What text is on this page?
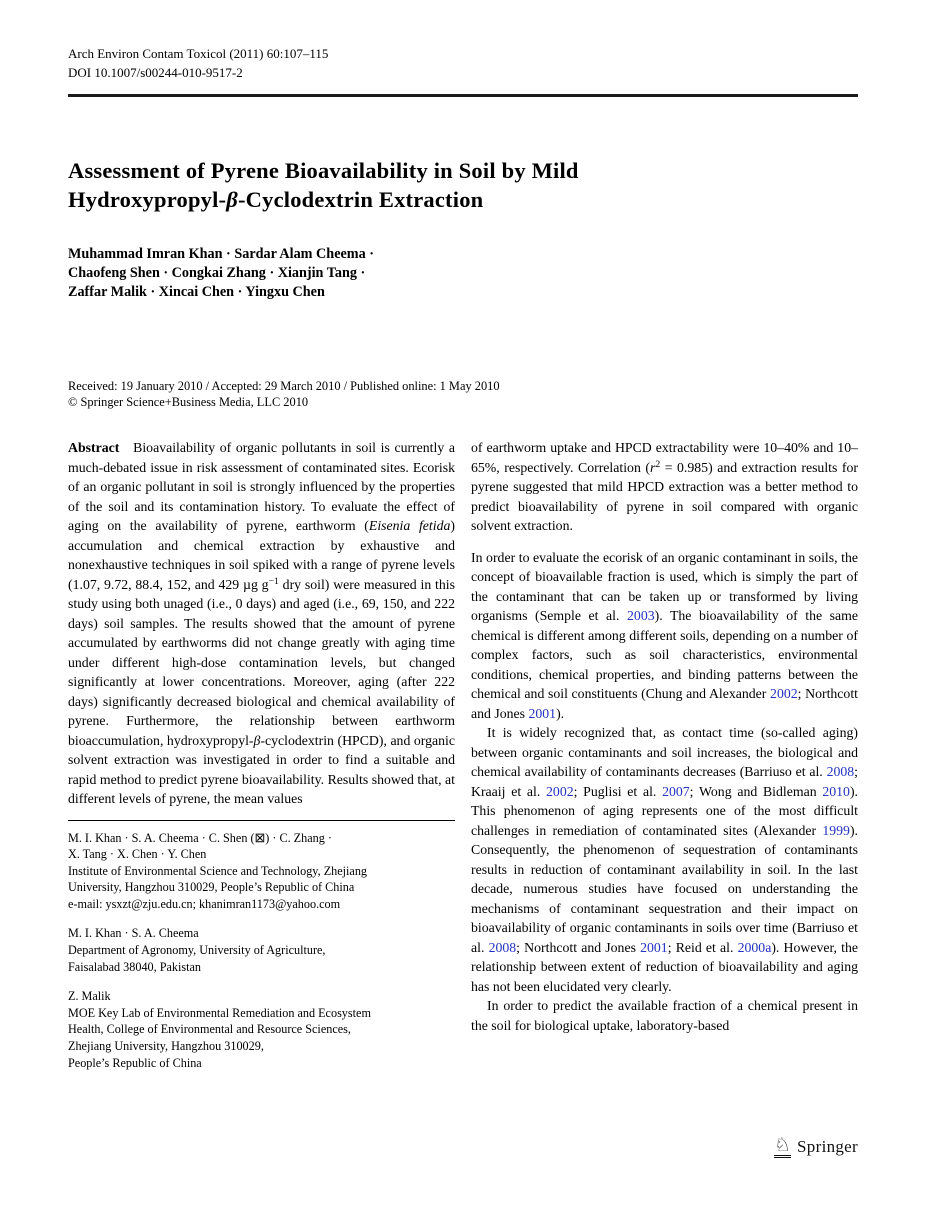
Arch Environ Contam Toxicol (2011) 60:107–115
DOI 10.1007/s00244-010-9517-2
Assessment of Pyrene Bioavailability in Soil by Mild
Hydroxypropyl-β-Cyclodextrin Extraction
Muhammad Imran Khan · Sardar Alam Cheema ·
Chaofeng Shen · Congkai Zhang · Xianjin Tang ·
Zaffar Malik · Xincai Chen · Yingxu Chen
Received: 19 January 2010 / Accepted: 29 March 2010 / Published online: 1 May 2010
© Springer Science+Business Media, LLC 2010

Abstract Bioavailability of organic pollutants in soil is currently a much-debated issue in risk assessment of contaminated sites. Ecorisk of an organic pollutant in soil is strongly influenced by the properties of the soil and its contamination history. To evaluate the effect of aging on the availability of pyrene, earthworm (Eisenia fetida) accumulation and chemical extraction by exhaustive and nonexhaustive techniques in soil spiked with a range of pyrene levels (1.07, 9.72, 88.4, 152, and 429 µg $g^{-1}$ dry soil) were measured in this study using both unaged (i.e., 0 days) and aged (i.e., 69, 150, and 222 days) soil samples. The results showed that the amount of pyrene accumulated by earthworms did not change greatly with aging time under different high-dose contamination levels, but changed significantly at lower concentrations. Moreover, aging (after 222 days) significantly decreased biological and chemical availability of pyrene. Furthermore, the relationship between earthworm bioaccumulation, hydroxypropyl-β-cyclodextrin (HPCD), and organic solvent extraction was investigated in order to find a suitable and rapid method to predict pyrene bioavailability. Results showed that, at different levels of pyrene, the mean values

M. I. Khan · S. A. Cheema · C. Shen (⊠) · C. Zhang ·
X. Tang · X. Chen · Y. Chen
Institute of Environmental Science and Technology, Zhejiang
University, Hangzhou 310029, People’s Republic of China
e-mail: ysxzt@zju.edu.cn; khanimran1173@yahoo.com

M. I. Khan · S. A. Cheema
Department of Agronomy, University of Agriculture,
Faisalabad 38040, Pakistan

Z. Malik
MOE Key Lab of Environmental Remediation and Ecosystem
Health, College of Environmental and Resource Sciences,
Zhejiang University, Hangzhou 310029,
People’s Republic of China

of earthworm uptake and HPCD extractability were 10–40% and 10–65%, respectively. Correlation $(r^2 = 0.985)$ and extraction results for pyrene suggested that mild HPCD extraction was a better method to predict bioavailability of pyrene in soil compared with organic solvent extraction.

In order to evaluate the ecorisk of an organic contaminant in soils, the concept of bioavailable fraction is used, which is simply the part of the contaminant that can be taken up or transformed by living organisms (Semple et al. 2003). The bioavailability of the same chemical is different among different soils, depending on a number of complex factors, such as soil characteristics, environmental conditions, chemical properties, and binding patterns between the chemical and soil constituents (Chung and Alexander 2002; Northcott and Jones 2001).

It is widely recognized that, as contact time (so-called aging) between organic contaminants and soil increases, the biological and chemical availability of contaminants decreases (Barriuso et al. 2008; Kraaij et al. 2002; Puglisi et al. 2007; Wong and Bidleman 2010). This phenomenon of aging represents one of the most difficult challenges in remediation of contaminated sites (Alexander 1999). Consequently, the phenomenon of sequestration of contaminants results in reduction of contaminant availability in soil. In the last decade, numerous studies have focused on understanding the mechanisms of contaminant sequestration and their impact on bioavailability of organic contaminants in soils over time (Barriuso et al. 2008; Northcott and Jones 2001; Reid et al. 2000a). However, the relationship between extent of reduction of bioavailability and aging has not been elucidated very clearly.

In order to predict the available fraction of a chemical present in the soil for biological uptake, laboratory-based

♘ Springer
